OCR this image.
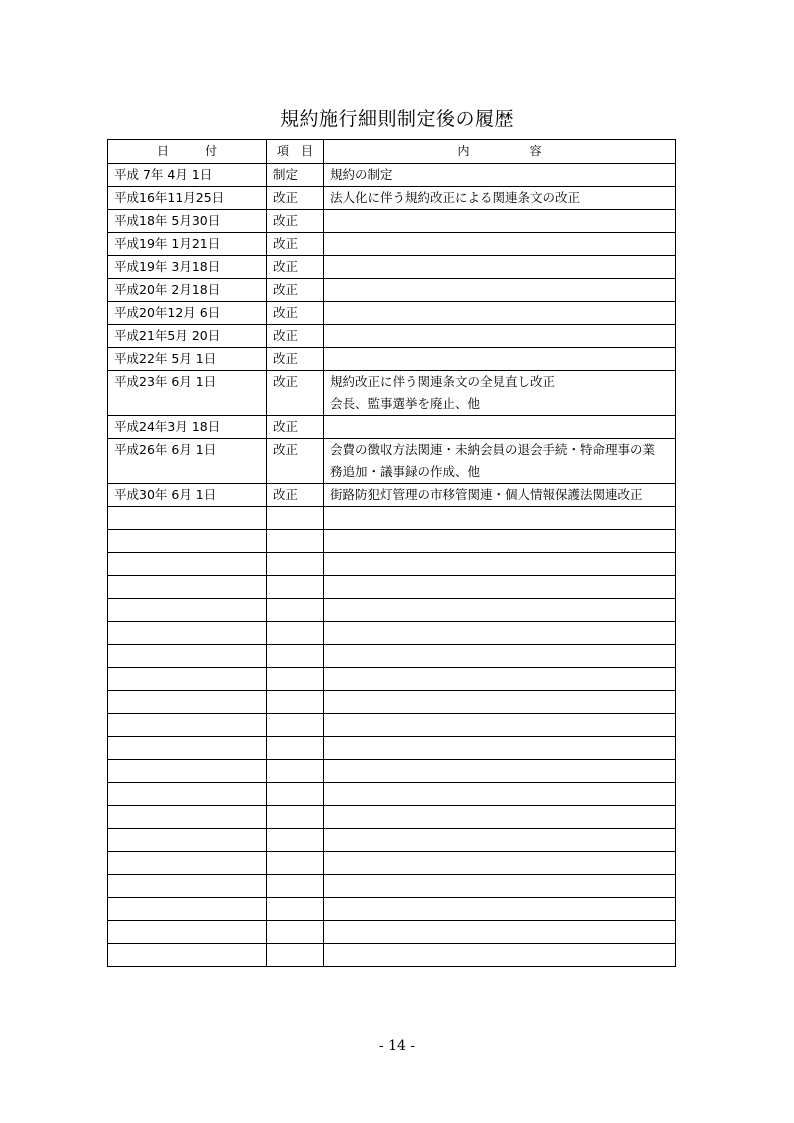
規約施行細則制定後の履歴
日　　　付	項　目	内　　　　　容
平成 7年 4月 1日	制定	規約の制定

平成16年11月25日	改正	法人化に伴う規約改正による関連条文の改正

平成18年 5月30日	改正	

平成19年 1月21日	改正	

平成19年 3月18日	改正	

平成20年 2月18日	改正	

平成20年12月 6日	改正	

平成21年5月 20日	改正	

平成22年 5月 1日	改正	

平成23年 6月 1日	改正	規約改正に伴う関連条文の全見直し改正
会長、監事選挙を廃止、他

平成24年3月 18日	改正	

平成26年 6月 1日	改正	会費の徴収方法関連・未納会員の退会手続・特命理事の業
務追加・議事録の作成、他

平成30年 6月 1日	改正	街路防犯灯管理の市移管関連・個人情報保護法関連改正

- 14 -
